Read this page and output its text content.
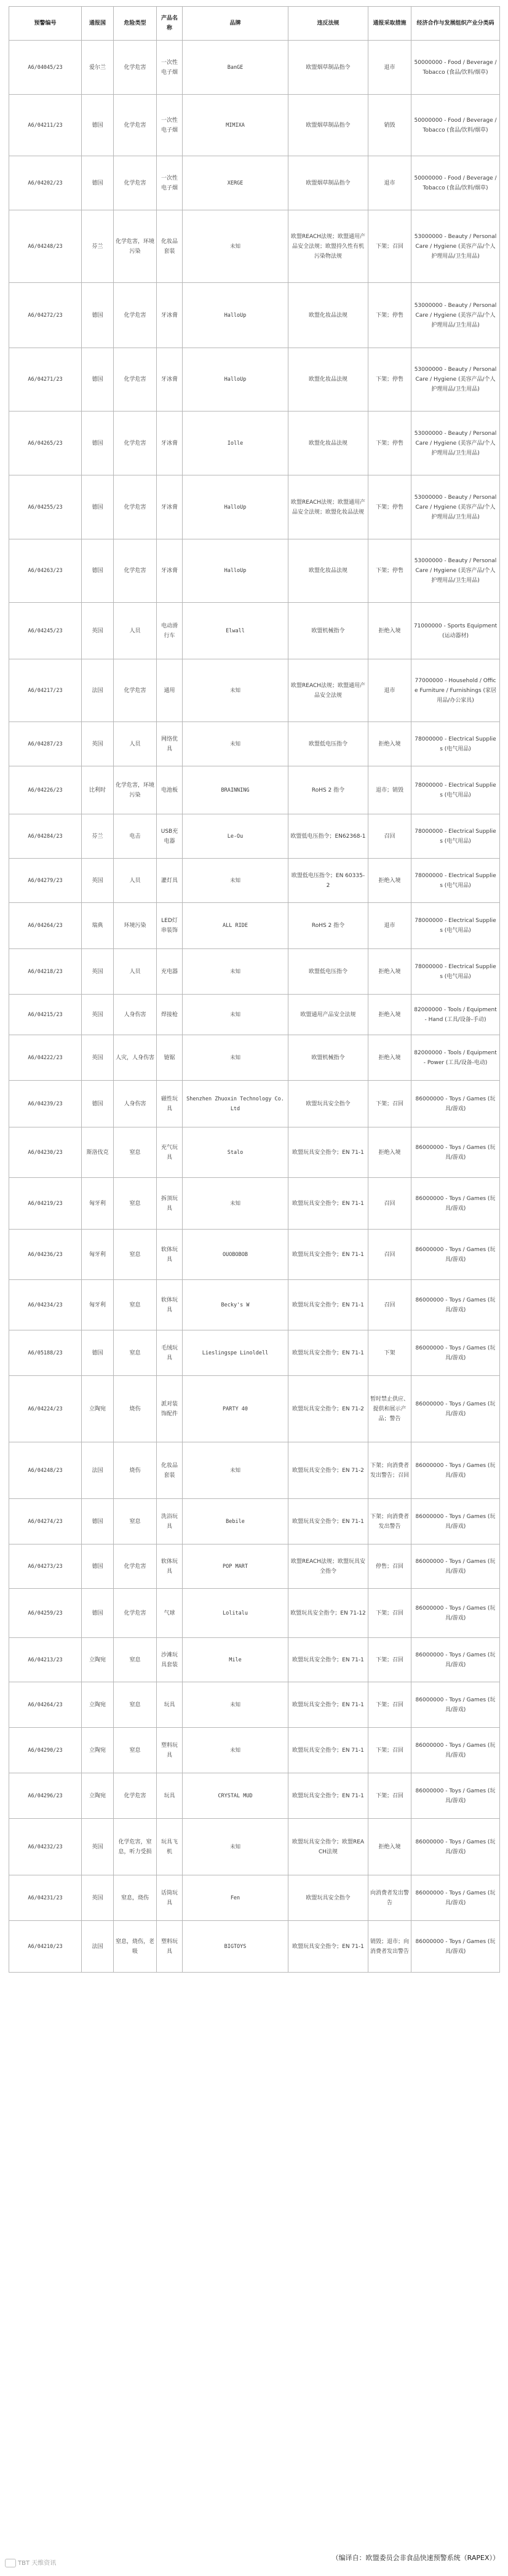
预警编号	通报国	危险类型	产品名称	品牌	违反法规	通报采取措施	经济合作与发展组织产业分类码
A6/04045/23	爱尔兰	化学危害	一次性电子烟	BanGE	欧盟烟草制品指令	退市	50000000 - Food / Beverage / Tobacco (食品/饮料/烟草)
A6/04211/23	德国	化学危害	一次性电子烟	MIMIXA	欧盟烟草制品指令	销毁	50000000 - Food / Beverage / Tobacco (食品/饮料/烟草)
A6/04202/23	德国	化学危害	一次性电子烟	XERGE	欧盟烟草制品指令	退市	50000000 - Food / Beverage / Tobacco (食品/饮料/烟草)
A6/04248/23	芬兰	化学危害，环境污染	化妆品套装	未知	欧盟REACH法规；欧盟通用产品安全法规；欧盟持久性有机污染物法规	下架；召回	53000000 - Beauty / Personal Care / Hygiene (美容产品/个人护理用品/卫生用品)
A6/04272/23	德国	化学危害	牙冰膏	HalloUp	欧盟化妆品法规	下架；停售	53000000 - Beauty / Personal Care / Hygiene (美容产品/个人护理用品/卫生用品)
A6/04271/23	德国	化学危害	牙冰膏	HalloUp	欧盟化妆品法规	下架；停售	53000000 - Beauty / Personal Care / Hygiene (美容产品/个人护理用品/卫生用品)
A6/04265/23	德国	化学危害	牙冰膏	Iolle	欧盟化妆品法规	下架；停售	53000000 - Beauty / Personal Care / Hygiene (美容产品/个人护理用品/卫生用品)
A6/04255/23	德国	化学危害	牙冰膏	HalloUp	欧盟REACH法规；欧盟通用产品安全法规；欧盟化妆品法规	下架；停售	53000000 - Beauty / Personal Care / Hygiene (美容产品/个人护理用品/卫生用品)
A6/04263/23	德国	化学危害	牙冰膏	HalloUp	欧盟化妆品法规	下架；停售	53000000 - Beauty / Personal Care / Hygiene (美容产品/个人护理用品/卫生用品)
A6/04245/23	英国	人员	电动滑行车	Elwall	欧盟机械指令	拒绝入境	71000000 - Sports Equipment (运动器材)
A6/04217/23	法国	化学危害	通用	未知	欧盟REACH法规；欧盟通用产品安全法规	退市	77000000 - Household / Office Furniture / Furnishings (家居用品/办公家具)
A6/04287/23	英国	人员	网络优具	未知	欧盟低电压指令	拒绝入境	78000000 - Electrical Supplies (电气用品)
A6/04226/23	比利时	化学危害，环境污染	电池板	BRAINNING	RoHS 2 指令	退市；销毁	78000000 - Electrical Supplies (电气用品)
A6/04284/23	芬兰	电击	USB充电器	Le-Ou	欧盟低电压指令；EN62368-1	召回	78000000 - Electrical Supplies (电气用品)
A6/04279/23	英国	人员	灌灯具	未知	欧盟低电压指令；EN 60335-2	拒绝入境	78000000 - Electrical Supplies (电气用品)
A6/04264/23	瑞典	环境污染	LED灯串装饰	ALL RIDE	RoHS 2 指令	退市	78000000 - Electrical Supplies (电气用品)
A6/04218/23	英国	人员	充电器	未知	欧盟低电压指令	拒绝入境	78000000 - Electrical Supplies (电气用品)
A6/04215/23	英国	人身伤害	焊接枪	未知	欧盟通用产品安全法规	拒绝入境	82000000 - Tools / Equipment - Hand (工具/设备-手动)
A6/04222/23	英国	人灾，人身伤害	链锯	未知	欧盟机械指令	拒绝入境	82000000 - Tools / Equipment - Power (工具/设备-电动)
A6/04239/23	德国	人身伤害	磁性玩具	Shenzhen Zhuoxin Technology Co. Ltd	欧盟玩具安全指令	下架；召回	86000000 - Toys / Games (玩具/游戏)
A6/04230/23	斯洛伐克	窒息	充气玩具	Stalo	欧盟玩具安全指令；EN 71-1	拒绝入境	86000000 - Toys / Games (玩具/游戏)
A6/04219/23	匈牙利	窒息	拆顶玩具	未知	欧盟玩具安全指令；EN 71-1	召回	86000000 - Toys / Games (玩具/游戏)
A6/04236/23	匈牙利	窒息	软体玩具	OUOBOBOB	欧盟玩具安全指令；EN 71-1	召回	86000000 - Toys / Games (玩具/游戏)
A6/04234/23	匈牙利	窒息	软体玩具	Becky's W	欧盟玩具安全指令；EN 71-1	召回	86000000 - Toys / Games (玩具/游戏)
A6/05188/23	德国	窒息	毛绒玩具	Lieslingspe Linoldell	欧盟玩具安全指令；EN 71-1	下架	86000000 - Toys / Games (玩具/游戏)
A6/04224/23	立陶宛	烧伤	派对装饰配件	PARTY 40	欧盟玩具安全指令；EN 71-2	暂时禁止供应、提供和展示产品；警告	86000000 - Toys / Games (玩具/游戏)
A6/04248/23	法国	烧伤	化妆品套装	未知	欧盟玩具安全指令；EN 71-2	下架；向消费者发出警告；召回	86000000 - Toys / Games (玩具/游戏)
A6/04274/23	德国	窒息	洗浴玩具	Bebile	欧盟玩具安全指令；EN 71-1	下架；向消费者发出警告	86000000 - Toys / Games (玩具/游戏)
A6/04273/23	德国	化学危害	软体玩具	POP MART	欧盟REACH法规；欧盟玩具安全指令	停售；召回	86000000 - Toys / Games (玩具/游戏)
A6/04259/23	德国	化学危害	气球	Lolitalu	欧盟玩具安全指令；EN 71-12	下架；召回	86000000 - Toys / Games (玩具/游戏)
A6/04213/23	立陶宛	窒息	沙滩玩具套装	Mile	欧盟玩具安全指令；EN 71-1	下架；召回	86000000 - Toys / Games (玩具/游戏)
A6/04264/23	立陶宛	窒息	玩具	未知	欧盟玩具安全指令；EN 71-1	下架；召回	86000000 - Toys / Games (玩具/游戏)
A6/04290/23	立陶宛	窒息	塑料玩具	未知	欧盟玩具安全指令；EN 71-1	下架；召回	86000000 - Toys / Games (玩具/游戏)
A6/04296/23	立陶宛	化学危害	玩具	CRYSTAL MUD	欧盟玩具安全指令；EN 71-1	下架；召回	86000000 - Toys / Games (玩具/游戏)
A6/04232/23	英国	化学危害，窒息，听力受损	玩具飞机	未知	欧盟玩具安全指令；欧盟REACH法规	拒绝入境	86000000 - Toys / Games (玩具/游戏)
A6/04231/23	英国	窒息，烧伤	话筒玩具	Fen	欧盟玩具安全指令	向消费者发出警告	86000000 - Toys / Games (玩具/游戏)
A6/04210/23	法国	窒息，烧伤，老吸	塑料玩具	BIGTOYS	欧盟玩具安全指令；EN 71-1	销毁；退市；向消费者发出警告	86000000 - Toys / Games (玩具/游戏)
TBT 天维资讯
（编译自：欧盟委员会非食品快速预警系统（RAPEX））
